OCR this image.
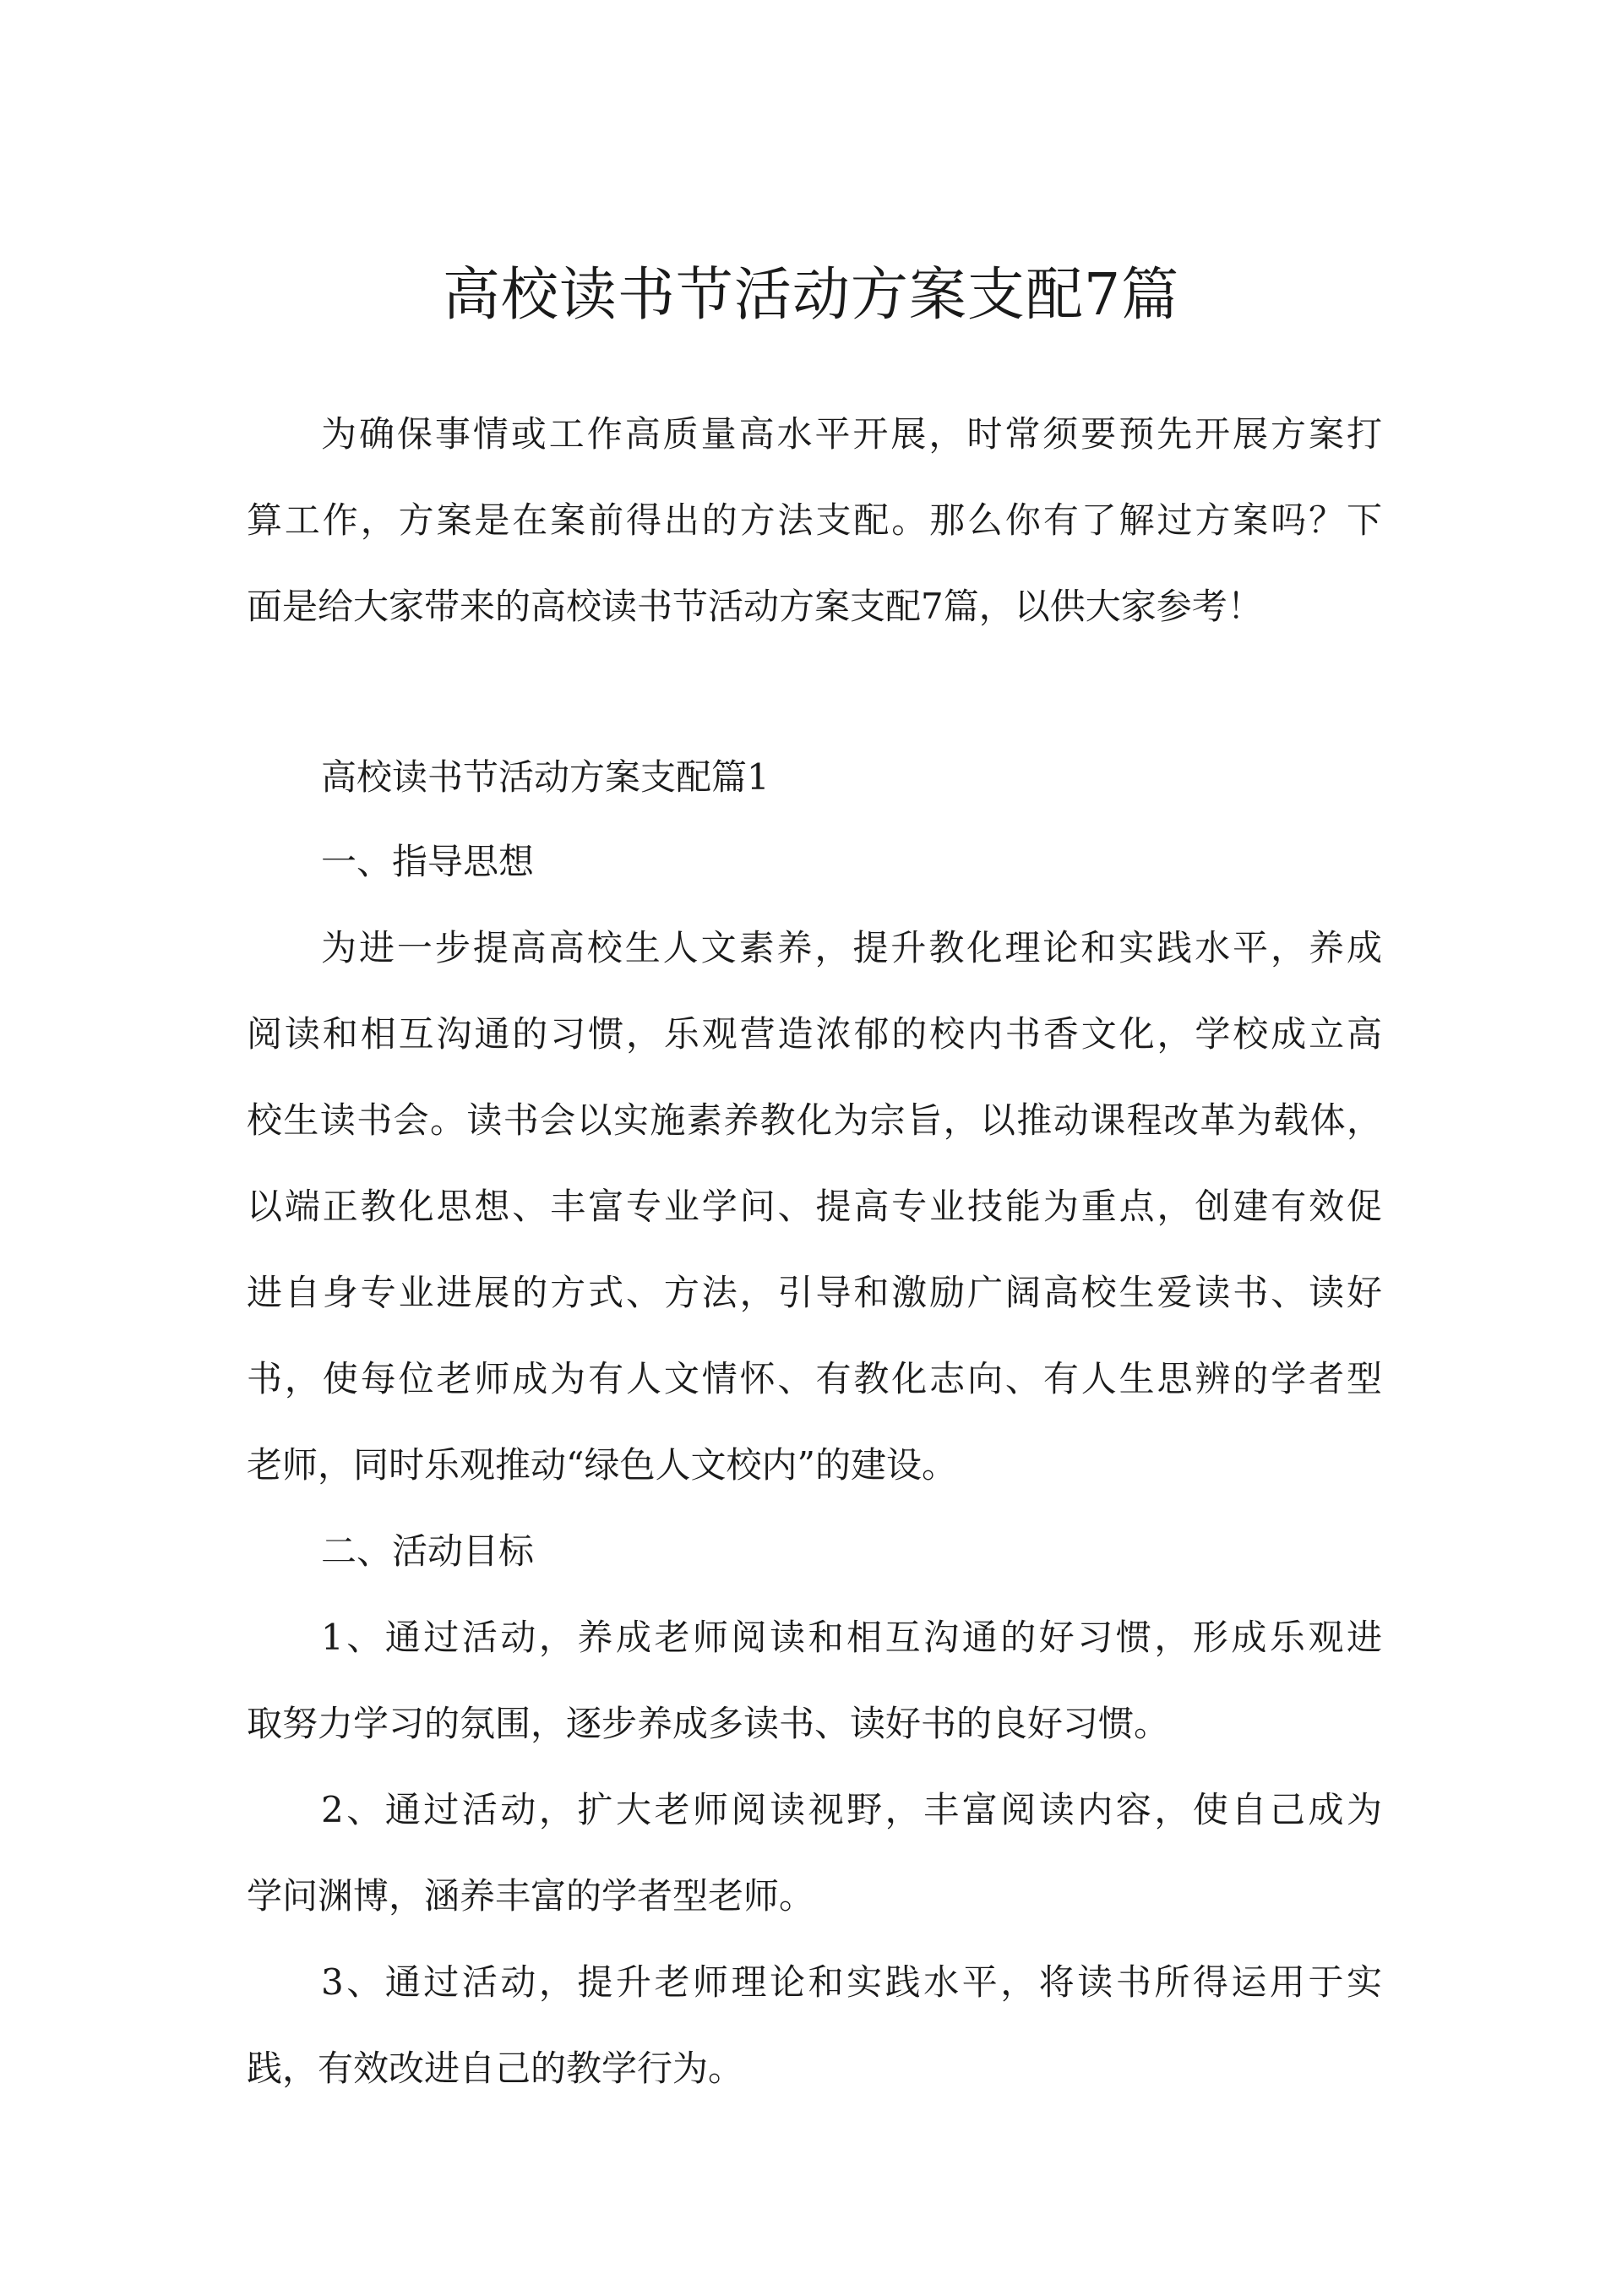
高校读书节活动方案支配7篇
为确保事情或工作高质量高水平开展，时常须要预先开展方案打
算工作，方案是在案前得出的方法支配。那么你有了解过方案吗？下
面是给大家带来的高校读书节活动方案支配7篇，以供大家参考！
高校读书节活动方案支配篇1
一、指导思想
为进一步提高高校生人文素养，提升教化理论和实践水平，养成
阅读和相互沟通的习惯，乐观营造浓郁的校内书香文化，学校成立高
校生读书会。读书会以实施素养教化为宗旨，以推动课程改革为载体，
以端正教化思想、丰富专业学问、提高专业技能为重点，创建有效促
进自身专业进展的方式、方法，引导和激励广阔高校生爱读书、读好
书，使每位老师成为有人文情怀、有教化志向、有人生思辨的学者型
老师，同时乐观推动“绿色人文校内”的建设。
二、活动目标
1、通过活动，养成老师阅读和相互沟通的好习惯，形成乐观进
取努力学习的氛围，逐步养成多读书、读好书的良好习惯。
2、通过活动，扩大老师阅读视野，丰富阅读内容，使自己成为
学问渊博，涵养丰富的学者型老师。
3、通过活动，提升老师理论和实践水平，将读书所得运用于实
践，有效改进自己的教学行为。
